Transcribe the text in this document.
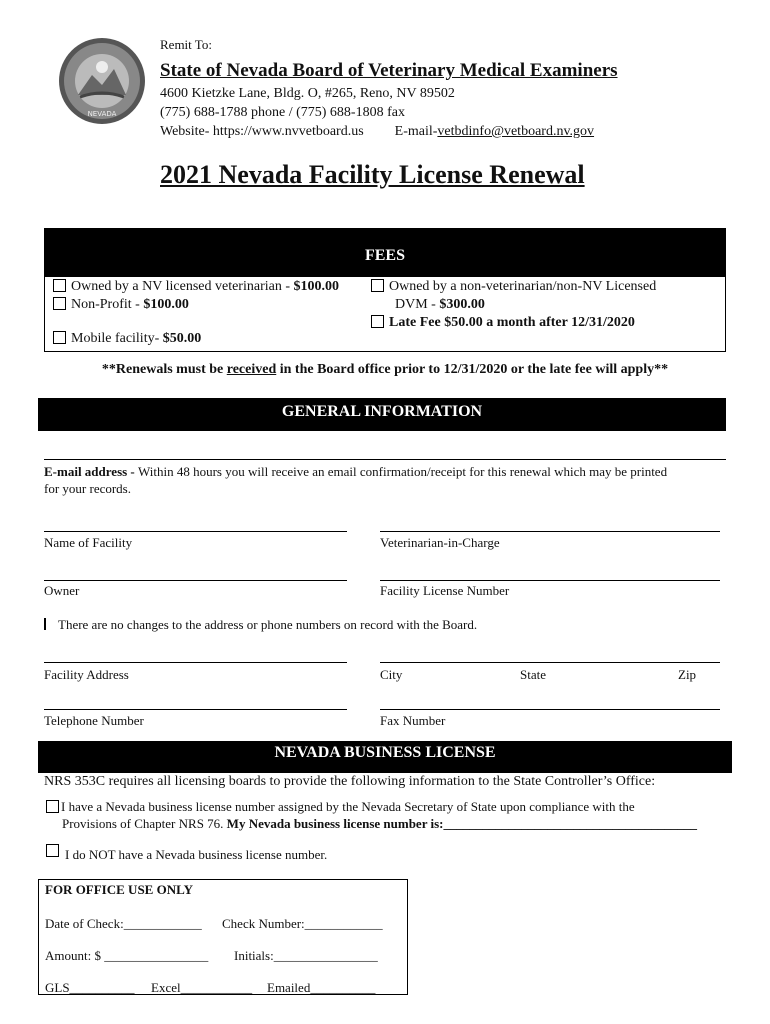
NEVADA
Remit To:
State of Nevada Board of Veterinary Medical Examiners
4600 Kietzke Lane, Bldg. O, #265, Reno, NV 89502
(775) 688-1788 phone / (775) 688-1808 fax
Website- https://www.nvvetboard.us E-mail-vetbdinfo@vetboard.nv.gov
2021 Nevada Facility License Renewal
FEES
Owned by a NV licensed veterinarian - $100.00
Non-Profit - $100.00
Mobile facility- $50.00
Owned by a non-veterinarian/non-NV Licensed
DVM - $300.00
Late Fee $50.00 a month after 12/31/2020
**Renewals must be received in the Board office prior to 12/31/2020 or the late fee will apply**
GENERAL INFORMATION
E-mail address - Within 48 hours you will receive an email confirmation/receipt for this renewal which may be printed
for your records.
Name of Facility	Veterinarian-in-Charge
Owner	Facility License Number
There are no changes to the address or phone numbers on record with the Board.
Facility Address	City	State	Zip
Telephone Number	Fax Number
NEVADA BUSINESS LICENSE
NRS 353C requires all licensing boards to provide the following information to the State Controller’s Office:
I have a Nevada business license number assigned by the Nevada Secretary of State upon compliance with the
Provisions of Chapter NRS 76. My Nevada business license number is:_______________________________________
I do NOT have a Nevada business license number.
FOR OFFICE USE ONLY
Date of Check:____________ Check Number:____________
Amount: $ ________________ Initials:________________
GLS__________ Excel___________ Emailed__________
